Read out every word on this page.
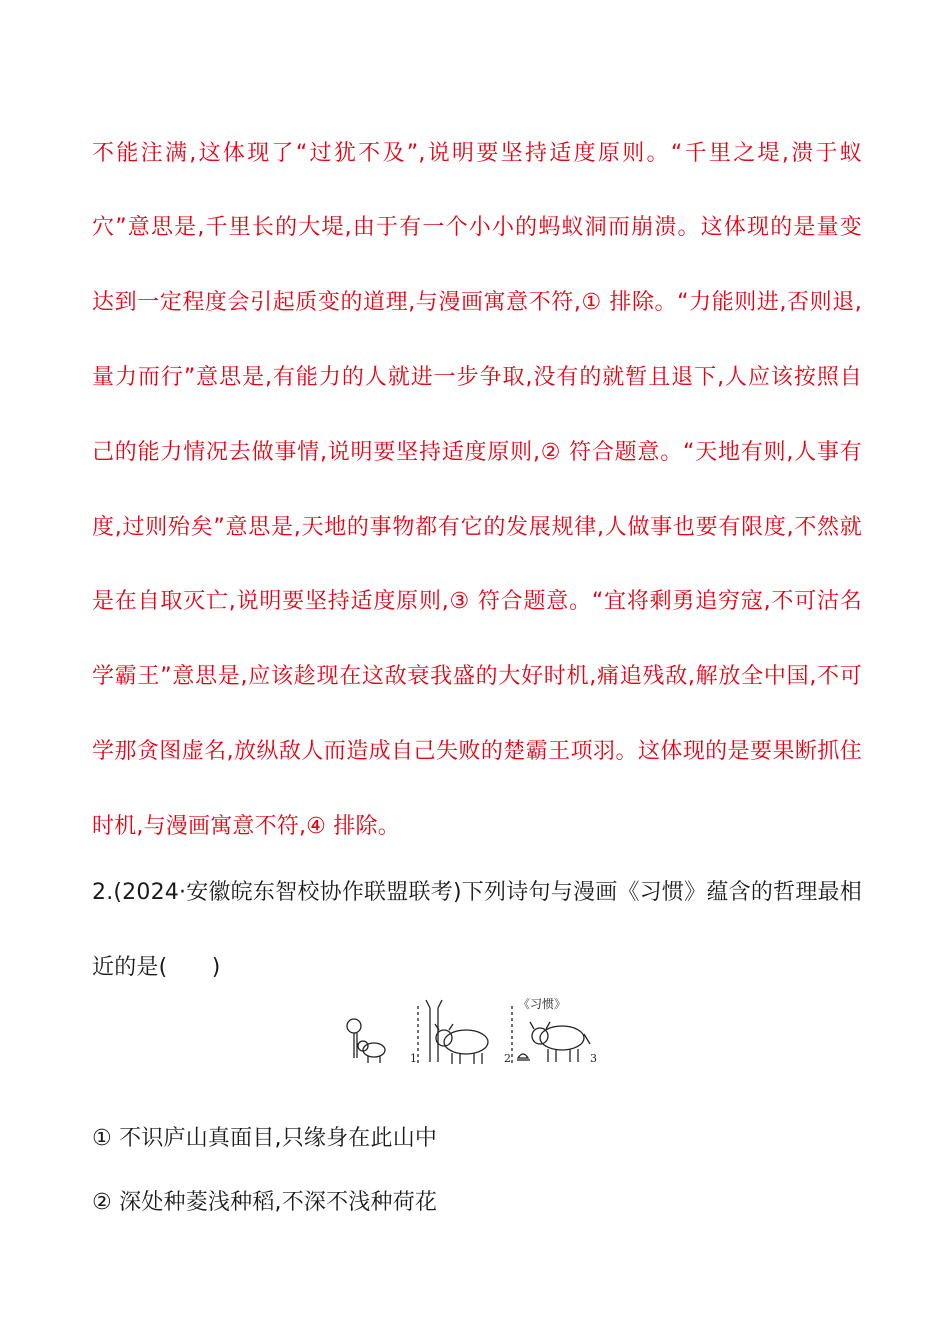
不能注满,这体现了“过犹不及”,说明要坚持适度原则。“千里之堤,溃于蚁
穴”意思是,千里长的大堤,由于有一个小小的蚂蚁洞而崩溃。这体现的是量变
达到一定程度会引起质变的道理,与漫画寓意不符,① 排除。“力能则进,否则退,
量力而行”意思是,有能力的人就进一步争取,没有的就暂且退下,人应该按照自
己的能力情况去做事情,说明要坚持适度原则,② 符合题意。“天地有则,人事有
度,过则殆矣”意思是,天地的事物都有它的发展规律,人做事也要有限度,不然就
是在自取灭亡,说明要坚持适度原则,③ 符合题意。“宜将剩勇追穷寇,不可沽名
学霸王”意思是,应该趁现在这敌衰我盛的大好时机,痛追残敌,解放全中国,不可
学那贪图虚名,放纵敌人而造成自己失败的楚霸王项羽。这体现的是要果断抓住
时机,与漫画寓意不符,④ 排除。
2.(2024·安徽皖东智校协作联盟联考)下列诗句与漫画《习惯》蕴含的哲理最相
近的是(　　)
《习惯》
1	2	3
① 不识庐山真面目,只缘身在此山中
② 深处种菱浅种稻,不深不浅种荷花
